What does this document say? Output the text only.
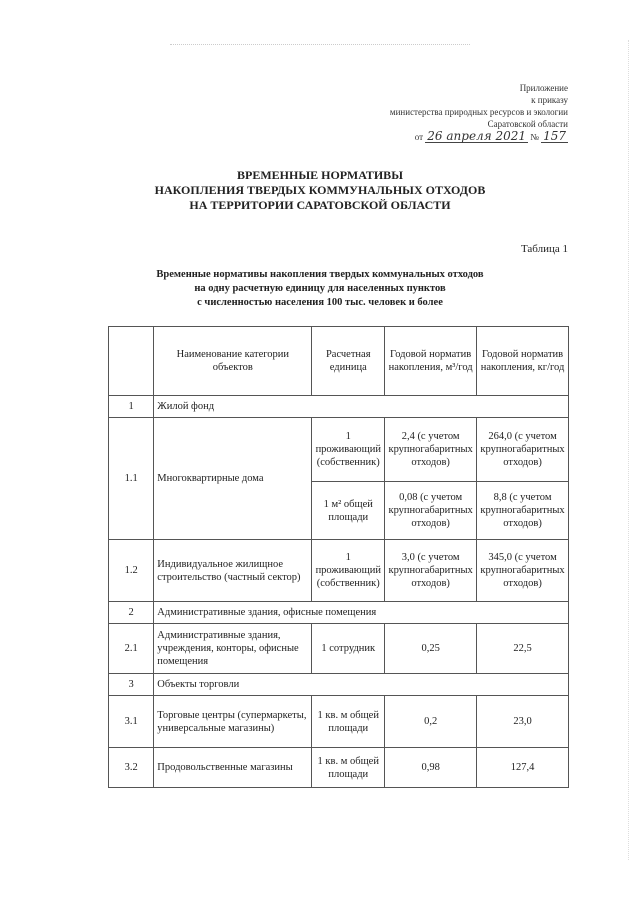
Приложение
к приказу
министерства природных ресурсов и экологии
Саратовской области
от 26 апреля 2021 № 157
ВРЕМЕННЫЕ НОРМАТИВЫ
НАКОПЛЕНИЯ ТВЕРДЫХ КОММУНАЛЬНЫХ ОТХОДОВ
НА ТЕРРИТОРИИ САРАТОВСКОЙ ОБЛАСТИ
Таблица 1
Временные нормативы накопления твердых коммунальных отходов
на одну расчетную единицу для населенных пунктов
с численностью населения 100 тыс. человек и более
	Наименование категории объектов	Расчетная единица	Годовой норматив накопления, м³/год	Годовой норматив накопления, кг/год
1	Жилой фонд			
1.1	Многоквартирные дома	1 проживающий (собственник)	2,4 (с учетом крупногабаритных отходов)	264,0 (с учетом крупногабаритных отходов)
		1 м² общей площади	0,08 (с учетом крупногабаритных отходов)	8,8 (с учетом крупногабаритных отходов)
1.2	Индивидуальное жилищное строительство (частный сектор)	1 проживающий (собственник)	3,0 (с учетом крупногабаритных отходов)	345,0 (с учетом крупногабаритных отходов)
2	Административные здания, офисные помещения			
2.1	Административные здания, учреждения, конторы, офисные помещения	1 сотрудник	0,25	22,5
3	Объекты торговли			
3.1	Торговые центры (супермаркеты, универсальные магазины)	1 кв. м общей площади	0,2	23,0
3.2	Продовольственные магазины	1 кв. м общей площади	0,98	127,4
